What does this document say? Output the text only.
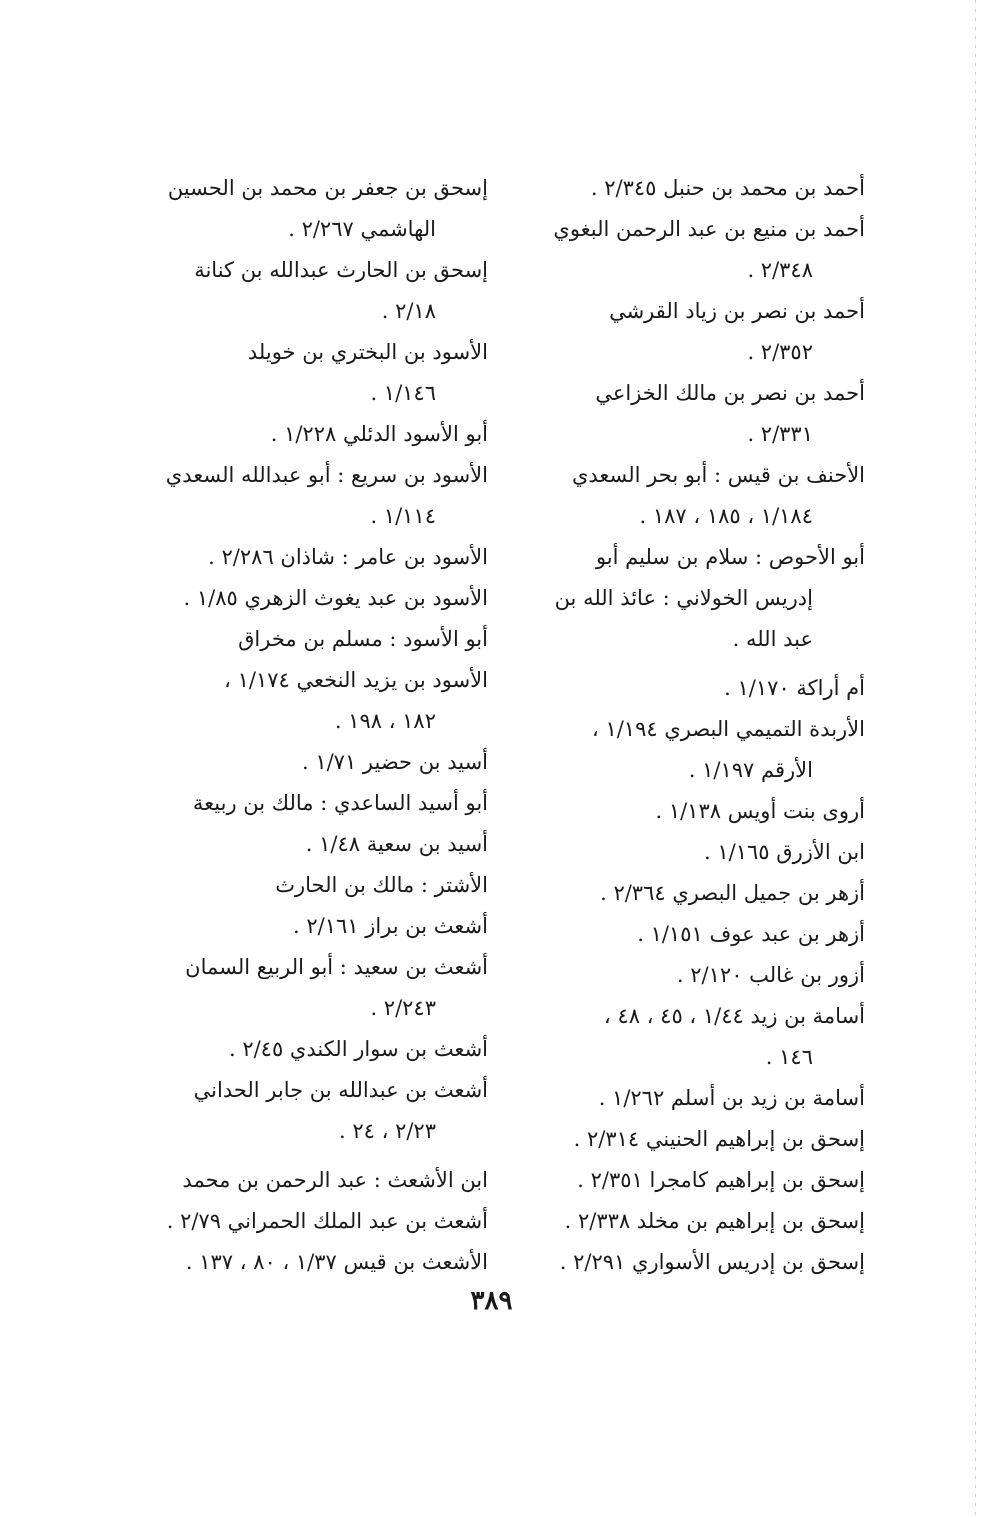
أحمد بن محمد بن حنبل ٢/٣٤٥ .
أحمد بن منيع بن عبد الرحمن البغوي
٢/٣٤٨ .
أحمد بن نصر بن زياد القرشي
٢/٣٥٢ .
أحمد بن نصر بن مالك الخزاعي
٢/٣٣١ .
الأحنف بن قيس : أبو بحر السعدي
١/١٨٤ ، ١٨٥ ، ١٨٧ .
أبو الأحوص : سلام بن سليم أبو
إدريس الخولاني : عائذ الله بن
عبد الله .
أم أراكة ١/١٧٠ .
الأربدة التميمي البصري ١/١٩٤ ،
الأرقم ١/١٩٧ .
أروى بنت أويس ١/١٣٨ .
ابن الأزرق ١/١٦٥ .
أزهر بن جميل البصري ٢/٣٦٤ .
أزهر بن عبد عوف ١/١٥١ .
أزور بن غالب ٢/١٢٠ .
أسامة بن زيد ١/٤٤ ، ٤٥ ، ٤٨ ،
١٤٦ .
أسامة بن زيد بن أسلم ١/٢٦٢ .
إسحق بن إبراهيم الحنيني ٢/٣١٤ .
إسحق بن إبراهيم كامجرا ٢/٣٥١ .
إسحق بن إبراهيم بن مخلد ٢/٣٣٨ .
إسحق بن إدريس الأسواري ٢/٢٩١ .
إسحق بن جعفر بن محمد بن الحسين
الهاشمي ٢/٢٦٧ .
إسحق بن الحارث عبدالله بن كنانة
٢/١٨ .
الأسود بن البختري بن خويلد
١/١٤٦ .
أبو الأسود الدئلي ١/٢٢٨ .
الأسود بن سريع : أبو عبدالله السعدي
١/١١٤ .
الأسود بن عامر : شاذان ٢/٢٨٦ .
الأسود بن عبد يغوث الزهري ١/٨٥ .
أبو الأسود : مسلم بن مخراق
الأسود بن يزيد النخعي ١/١٧٤ ،
١٨٢ ، ١٩٨ .
أسيد بن حضير ١/٧١ .
أبو أسيد الساعدي : مالك بن ربيعة
أسيد بن سعية ١/٤٨ .
الأشتر : مالك بن الحارث
أشعث بن براز ٢/١٦١ .
أشعث بن سعيد : أبو الربيع السمان
٢/٢٤٣ .
أشعث بن سوار الكندي ٢/٤٥ .
أشعث بن عبدالله بن جابر الحداني
٢/٢٣ ، ٢٤ .
ابن الأشعث : عبد الرحمن بن محمد
أشعث بن عبد الملك الحمراني ٢/٧٩ .
الأشعث بن قيس ١/٣٧ ، ٨٠ ، ١٣٧ .
٣٨٩
